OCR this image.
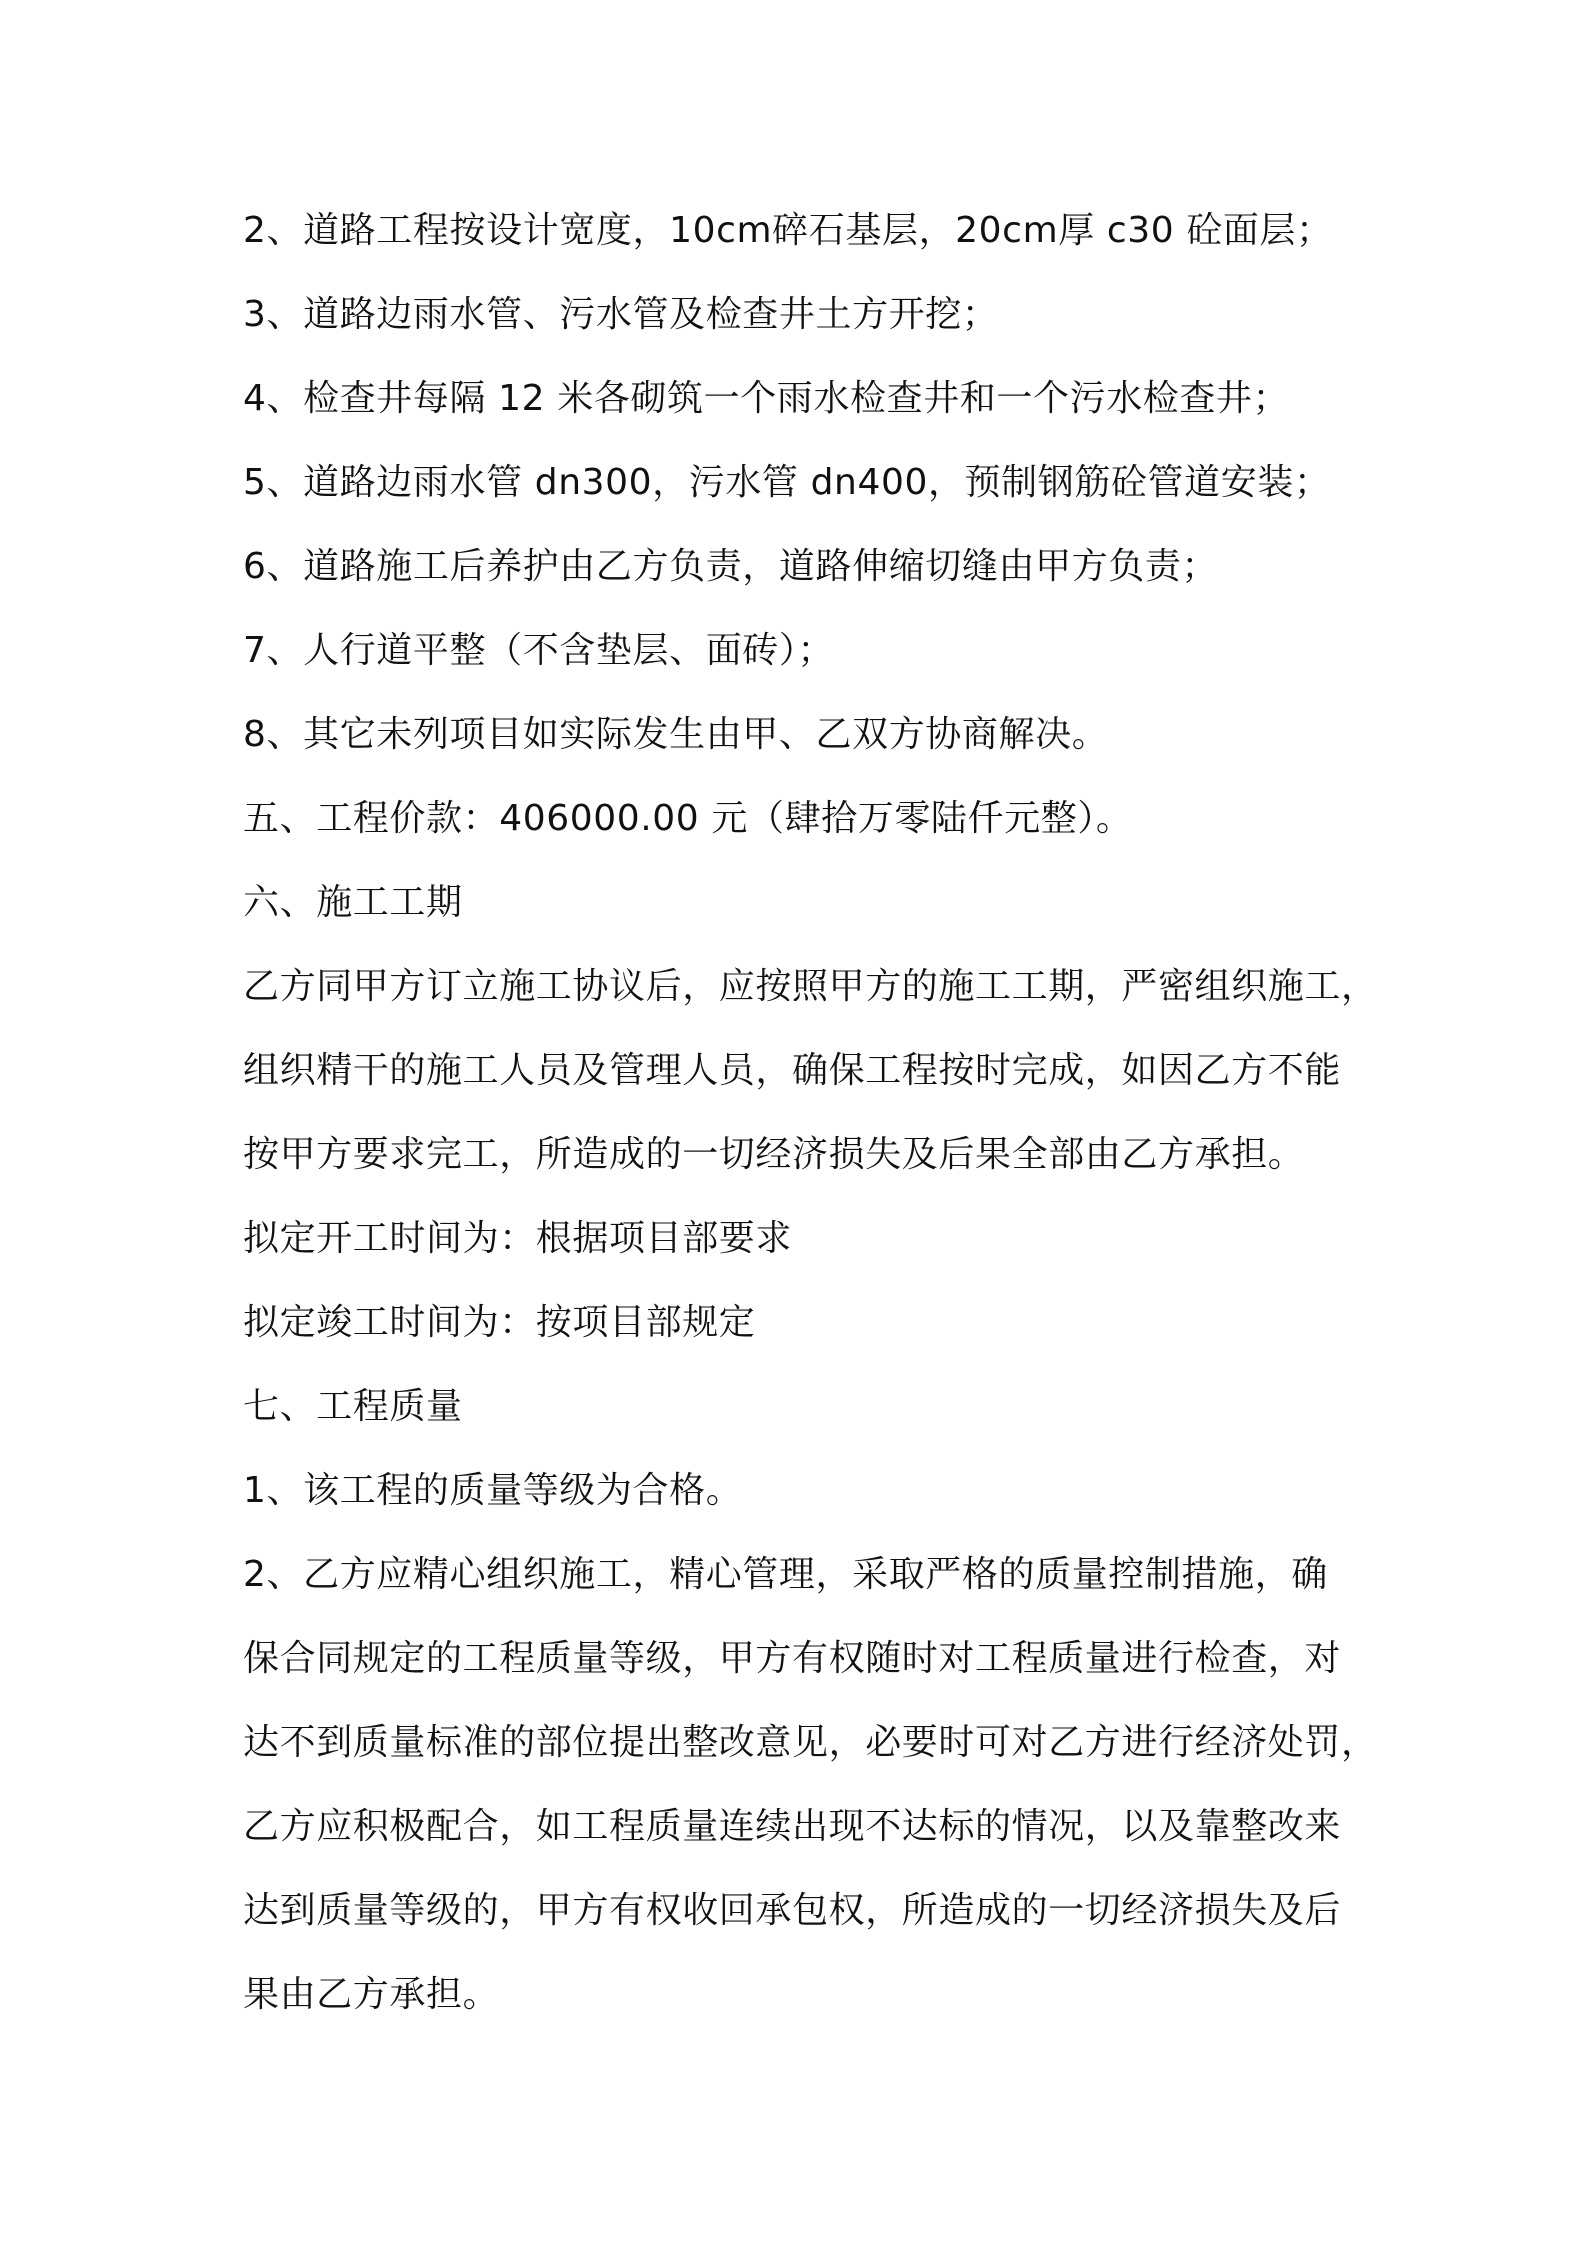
2、道路工程按设计宽度，10cm碎石基层，20cm厚 c30 砼面层；

3、道路边雨水管、污水管及检查井土方开挖；

4、检查井每隔 12 米各砌筑一个雨水检查井和一个污水检查井；

5、道路边雨水管 dn300，污水管 dn400，预制钢筋砼管道安装；

6、道路施工后养护由乙方负责，道路伸缩切缝由甲方负责；

7、人行道平整（不含垫层、面砖）；

8、其它未列项目如实际发生由甲、乙双方协商解决。

五、工程价款：406000.00 元（肆拾万零陆仟元整）。

六、施工工期

乙方同甲方订立施工协议后，应按照甲方的施工工期，严密组织施工，

组织精干的施工人员及管理人员，确保工程按时完成，如因乙方不能

按甲方要求完工，所造成的一切经济损失及后果全部由乙方承担。

拟定开工时间为：根据项目部要求

拟定竣工时间为：按项目部规定

七、工程质量

1、该工程的质量等级为合格。

2、乙方应精心组织施工，精心管理，采取严格的质量控制措施，确

保合同规定的工程质量等级，甲方有权随时对工程质量进行检查，对

达不到质量标准的部位提出整改意见，必要时可对乙方进行经济处罚，

乙方应积极配合，如工程质量连续出现不达标的情况，以及靠整改来

达到质量等级的，甲方有权收回承包权，所造成的一切经济损失及后

果由乙方承担。
